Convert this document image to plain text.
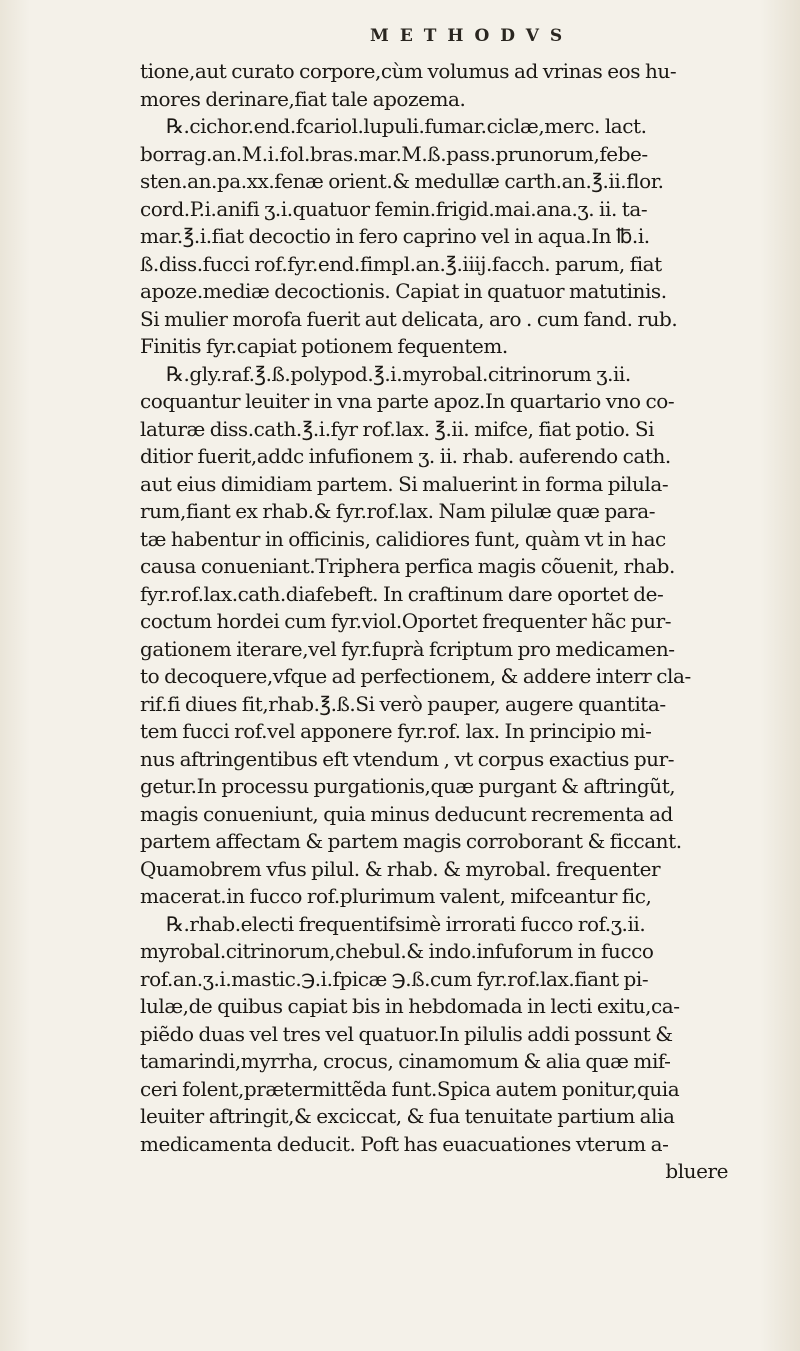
METHODVS
tione,aut curato corpore,cùm volumus ad vrinas eos hu-
mores derinare,fiat tale apozema.
℞.cichor.end.fcariol.lupuli.fumar.ciclæ,merc. lact.
borrag.an.M.i.fol.bras.mar.M.ß.pass.prunorum,febe-
sten.an.pa.xx.fenæ orient.& medullæ carth.an.℥.ii.flor.
cord.P.i.anifi ʒ.i.quatuor femin.frigid.mai.ana.ʒ. ii. ta-
mar.℥.i.fiat decoctio in fero caprino vel in aqua.In ℔.i.
ß.diss.fucci rof.fyr.end.fimpl.an.℥.iiij.facch. parum, fiat
apoze.mediæ decoctionis. Capiat in quatuor matutinis.
Si mulier morofa fuerit aut delicata, aro . cum fand. rub.
Finitis fyr.capiat potionem fequentem.
℞.gly.raf.℥.ß.polypod.℥.i.myrobal.citrinorum ʒ.ii.
coquantur leuiter in vna parte apoz.In quartario vno co-
laturæ diss.cath.℥.i.fyr rof.lax. ℥.ii. mifce, fiat potio. Si
ditior fuerit,addc infufionem ʒ. ii. rhab. auferendo cath.
aut eius dimidiam partem. Si maluerint in forma pilula-
rum,fiant ex rhab.& fyr.rof.lax. Nam pilulæ quæ para-
tæ habentur in officinis, calidiores funt, quàm vt in hac
causa conueniant.Triphera perfica magis cõuenit, rhab.
fyr.rof.lax.cath.diafebeft. In craftinum dare oportet de-
coctum hordei cum fyr.viol.Oportet frequenter hãc pur-
gationem iterare,vel fyr.fuprà fcriptum pro medicamen-
to decoquere,vfque ad perfectionem, & addere interr cla-
rif.fi diues fit,rhab.℥.ß.Si verò pauper, augere quantita-
tem fucci rof.vel apponere fyr.rof. lax. In principio mi-
nus aftringentibus eft vtendum , vt corpus exactius pur-
getur.In processu purgationis,quæ purgant & aftringũt,
magis conueniunt, quia minus deducunt recrementa ad
partem affectam & partem magis corroborant & ficcant.
Quamobrem vfus pilul. & rhab. & myrobal. frequenter
macerat.in fucco rof.plurimum valent, mifceantur fic,
℞.rhab.electi frequentifsimè irrorati fucco rof.ʒ.ii.
myrobal.citrinorum,chebul.& indo.infuforum in fucco
rof.an.ʒ.i.mastic.℈.i.fpicæ ℈.ß.cum fyr.rof.lax.fiant pi-
lulæ,de quibus capiat bis in hebdomada in lecti exitu,ca-
piẽdo duas vel tres vel quatuor.In pilulis addi possunt &
tamarindi,myrrha, crocus, cinamomum & alia quæ mif-
ceri folent,prætermittẽda funt.Spica autem ponitur,quia
leuiter aftringit,& exciccat, & fua tenuitate partium alia
medicamenta deducit. Poft has euacuationes vterum a-
bluere
